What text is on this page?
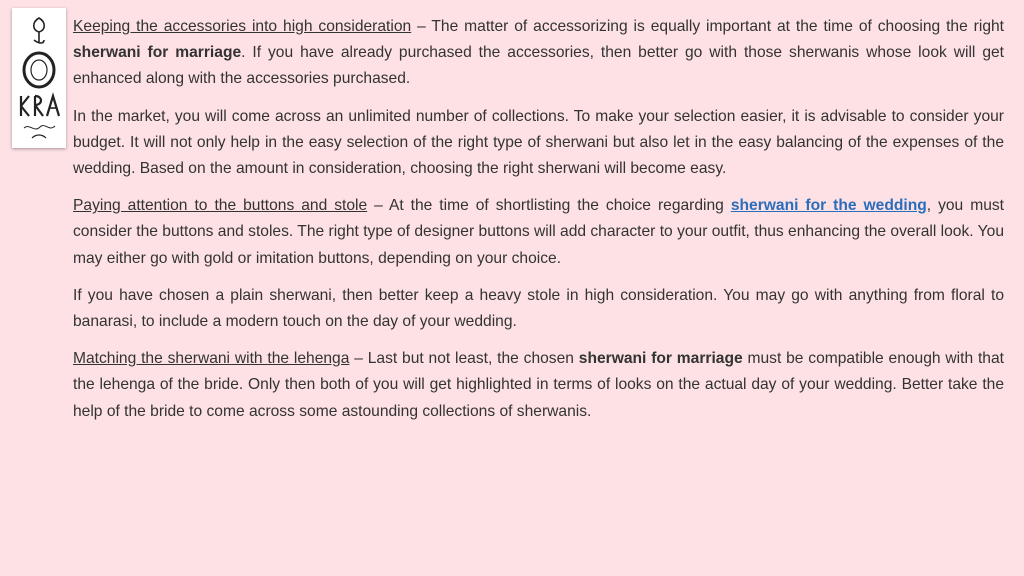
Keeping the accessories into high consideration – The matter of accessorizing is equally important at the time of choosing the right sherwani for marriage. If you have already purchased the accessories, then better go with those sherwanis whose look will get enhanced along with the accessories purchased.

In the market, you will come across an unlimited number of collections. To make your selection easier, it is advisable to consider your budget. It will not only help in the easy selection of the right type of sherwani but also let in the easy balancing of the expenses of the wedding. Based on the amount in consideration, choosing the right sherwani will become easy.

Paying attention to the buttons and stole – At the time of shortlisting the choice regarding sherwani for the wedding, you must consider the buttons and stoles. The right type of designer buttons will add character to your outfit, thus enhancing the overall look. You may either go with gold or imitation buttons, depending on your choice.

If you have chosen a plain sherwani, then better keep a heavy stole in high consideration. You may go with anything from floral to banarasi, to include a modern touch on the day of your wedding.

Matching the sherwani with the lehenga – Last but not least, the chosen sherwani for marriage must be compatible enough with that the lehenga of the bride. Only then both of you will get highlighted in terms of looks on the actual day of your wedding. Better take the help of the bride to come across some astounding collections of sherwanis.
